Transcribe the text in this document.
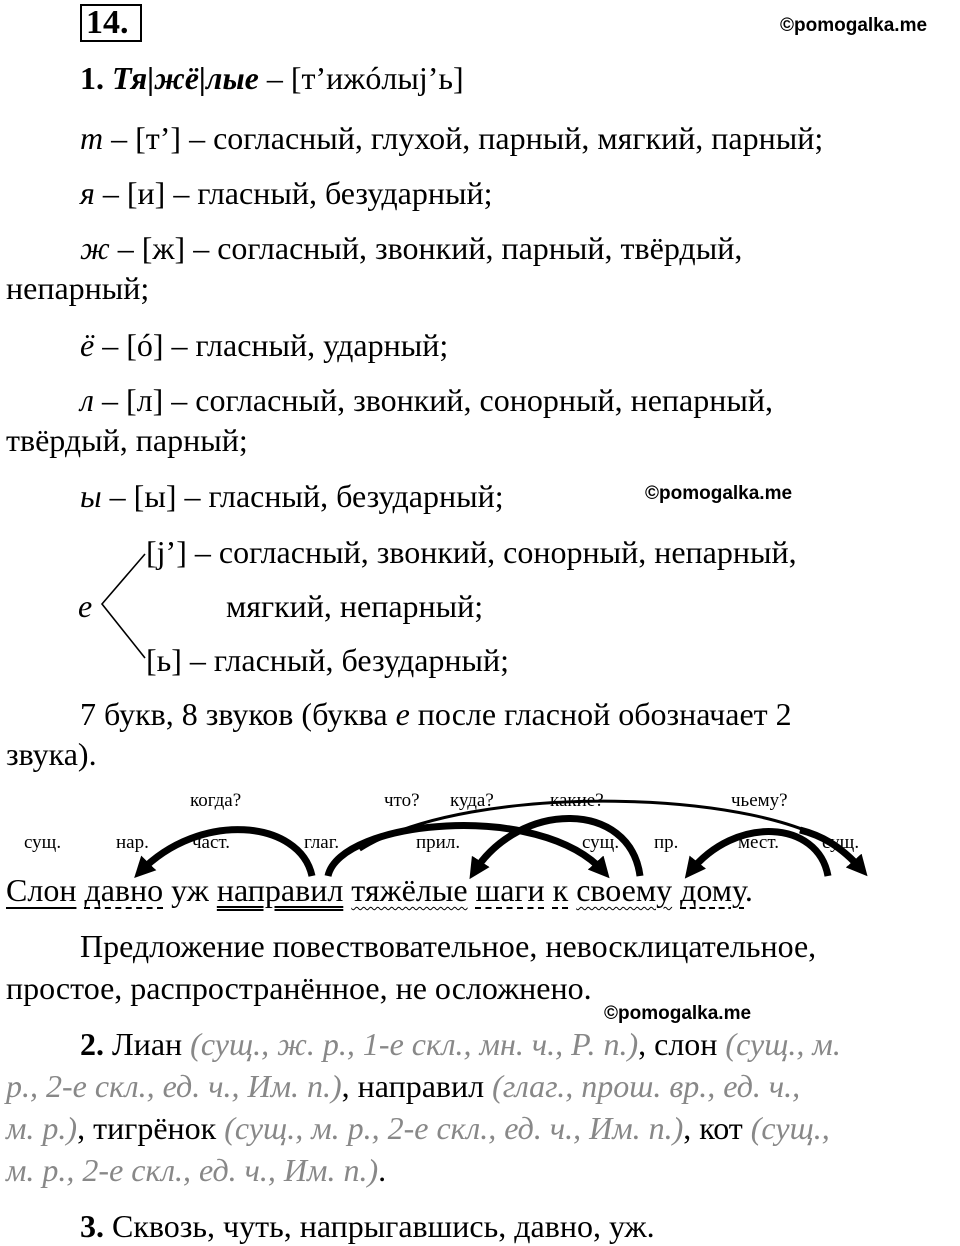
14.	©pomogalka.me
1. Тя|жё|лые – [т’ижóлыј’ь]
т – [т’] – согласный, глухой, парный, мягкий, парный;
я – [и] – гласный, безударный;
ж – [ж] – согласный, звонкий, парный, твёрдый,
непарный;
ё – [ó] – гласный, ударный;
л – [л] – согласный, звонкий, сонорный, непарный,
твёрдый, парный;
ы – [ы] – гласный, безударный;	©pomogalka.me
[j’] – согласный, звонкий, сонорный, непарный,
е	мягкий, непарный;
[ь] – гласный, безударный;
7 букв, 8 звуков (буква е после гласной обозначает 2
звука).
когда?	что? куда?	какие?	чьему?
сущ.	нар. част.	глаг.	прил.	сущ. пр.	мест. сущ.
Слон давно уж направил тяжёлые шаги к своему дому.
Предложение повествовательное, невосклицательное,
простое, распространённое, не осложнено.
©pomogalka.me
2. Лиан (сущ., ж. р., 1-е скл., мн. ч., Р. п.), слон (сущ., м.
р., 2-е скл., ед. ч., Им. п.), направил (глаг., прош. вр., ед. ч.,
м. р.), тигрёнок (сущ., м. р., 2-е скл., ед. ч., Им. п.), кот (сущ.,
м. р., 2-е скл., ед. ч., Им. п.).
3. Сквозь, чуть, напрыгавшись, давно, уж.
